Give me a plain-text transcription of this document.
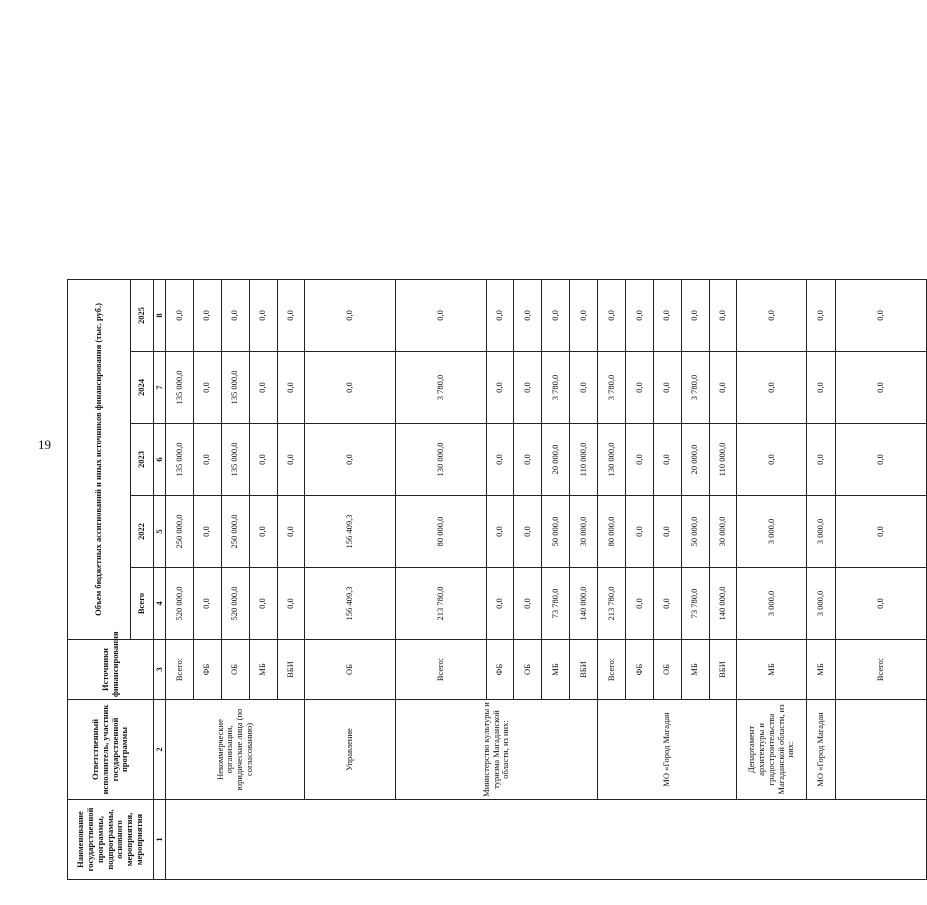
19
Наименование государственной программы, подпрограммы, основного мероприятия, мероприятия	Ответственный исполнитель, участник государственной программы	Источники финансирования	Объем бюджетных ассигнований и иных источников финансирования (тыс. руб.)				
			Всего	2022	2023	2024	2025
1	2	3	4	5	6	7	8
	Некоммерческие организации, юридические лица (по согласованию)	Всего:	520 000,0	250 000,0	135 000,0	135 000,0	0,0
		ФБ	0,0	0,0	0,0	0,0	0,0
		ОБ	520 000,0	250 000,0	135 000,0	135 000,0	0,0
		МБ	0,0	0,0	0,0	0,0	0,0
		ВБИ	0,0	0,0	0,0	0,0	0,0
	Управление	ОБ	156 409,3	156 409,3	0,0	0,0	0,0
	Министерство культуры и туризма Магаданской области, из них:	Всего:	213 780,0	80 000,0	130 000,0	3 780,0	0,0
		ФБ	0,0	0,0	0,0	0,0	0,0
		ОБ	0,0	0,0	0,0	0,0	0,0
		МБ	73 780,0	50 000,0	20 000,0	3 780,0	0,0
		ВБИ	140 000,0	30 000,0	110 000,0	0,0	0,0
	МО «Город Магадан	Всего:	213 780,0	80 000,0	130 000,0	3 780,0	0,0
		ФБ	0,0	0,0	0,0	0,0	0,0
		ОБ	0,0	0,0	0,0	0,0	0,0
		МБ	73 780,0	50 000,0	20 000,0	3 780,0	0,0
		ВБИ	140 000,0	30 000,0	110 000,0	0,0	0,0
	Департамент архитектуры и градостроительства Магаданской области, из них:	МБ	3 000,0	3 000,0	0,0	0,0	0,0
	МО «Город Магадан	МБ	3 000,0	3 000,0	0,0	0,0	0,0
		Всего:	0,0	0,0	0,0	0,0	0,0
